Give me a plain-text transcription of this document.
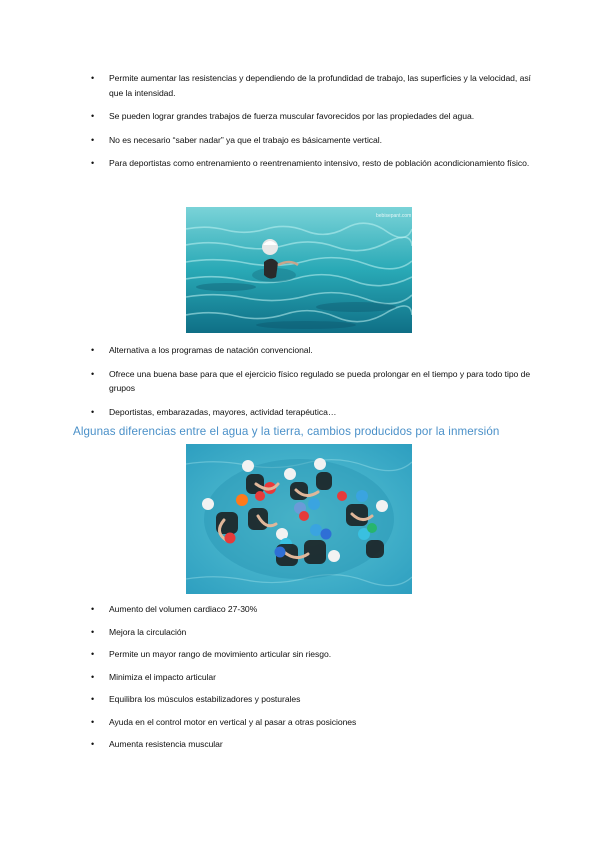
• Permite aumentar las resistencias y dependiendo de la profundidad de trabajo, las superficies y la velocidad, así que la intensidad.
• Se pueden lograr grandes trabajos de fuerza muscular favorecidos por las propiedades del agua.
• No es necesario “saber nadar” ya que el trabajo es básicamente vertical.
• Para deportistas como entrenamiento o reentrenamiento intensivo, resto de población acondicionamiento físico.
bebisepant.com
• Alternativa a los programas de natación convencional.
• Ofrece una buena base para que el ejercicio físico regulado se pueda prolongar en el tiempo y para todo tipo de grupos
• Deportistas, embarazadas, mayores, actividad terapéutica…
Algunas diferencias entre el agua y la tierra, cambios producidos por la inmersión
• Aumento del volumen cardiaco 27-30%
• Mejora la circulación
• Permite un mayor rango de movimiento articular sin riesgo.
• Minimiza el impacto articular
• Equilibra los músculos estabilizadores y posturales
• Ayuda en el control motor en vertical y al pasar a otras posiciones
• Aumenta resistencia muscular
